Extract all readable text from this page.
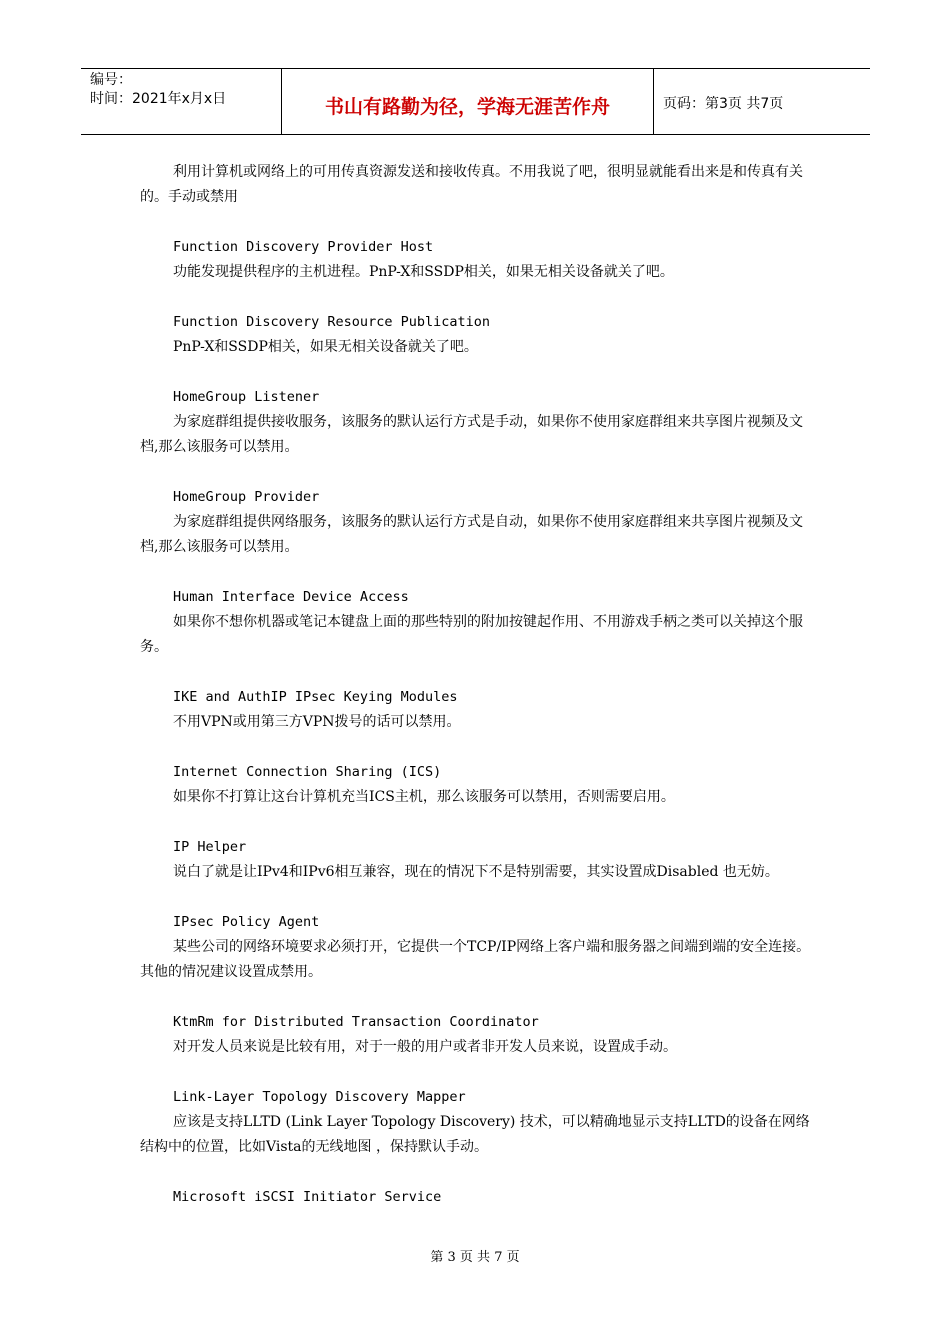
编号：
时间：2021年x月x日	书山有路勤为径，学海无涯苦作舟	页码：第3页 共7页

利用计算机或网络上的可用传真资源发送和接收传真。不用我说了吧，很明显就能看出来是和传真有关的。手动或禁用

Function Discovery Provider Host

功能发现提供程序的主机进程。PnP-X和SSDP相关，如果无相关设备就关了吧。

Function Discovery Resource Publication

PnP-X和SSDP相关，如果无相关设备就关了吧。

HomeGroup Listener

为家庭群组提供接收服务，该服务的默认运行方式是手动，如果你不使用家庭群组来共享图片视频及文档,那么该服务可以禁用。

HomeGroup Provider

为家庭群组提供网络服务，该服务的默认运行方式是自动，如果你不使用家庭群组来共享图片视频及文档,那么该服务可以禁用。

Human Interface Device Access

如果你不想你机器或笔记本键盘上面的那些特别的附加按键起作用、不用游戏手柄之类可以关掉这个服务。

IKE and AuthIP IPsec Keying Modules

不用VPN或用第三方VPN拨号的话可以禁用。

Internet Connection Sharing (ICS)

如果你不打算让这台计算机充当ICS主机，那么该服务可以禁用，否则需要启用。

IP Helper

说白了就是让IPv4和IPv6相互兼容，现在的情况下不是特别需要，其实设置成Disabled 也无妨。

IPsec Policy Agent

某些公司的网络环境要求必须打开，它提供一个TCP/IP网络上客户端和服务器之间端到端的安全连接。其他的情况建议设置成禁用。

KtmRm for Distributed Transaction Coordinator

对开发人员来说是比较有用，对于一般的用户或者非开发人员来说，设置成手动。

Link-Layer Topology Discovery Mapper

应该是支持LLTD (Link Layer Topology Discovery) 技术，可以精确地显示支持LLTD的设备在网络结构中的位置，比如Vista的无线地图 ，保持默认手动。

Microsoft iSCSI Initiator Service
第 3 页 共 7 页
